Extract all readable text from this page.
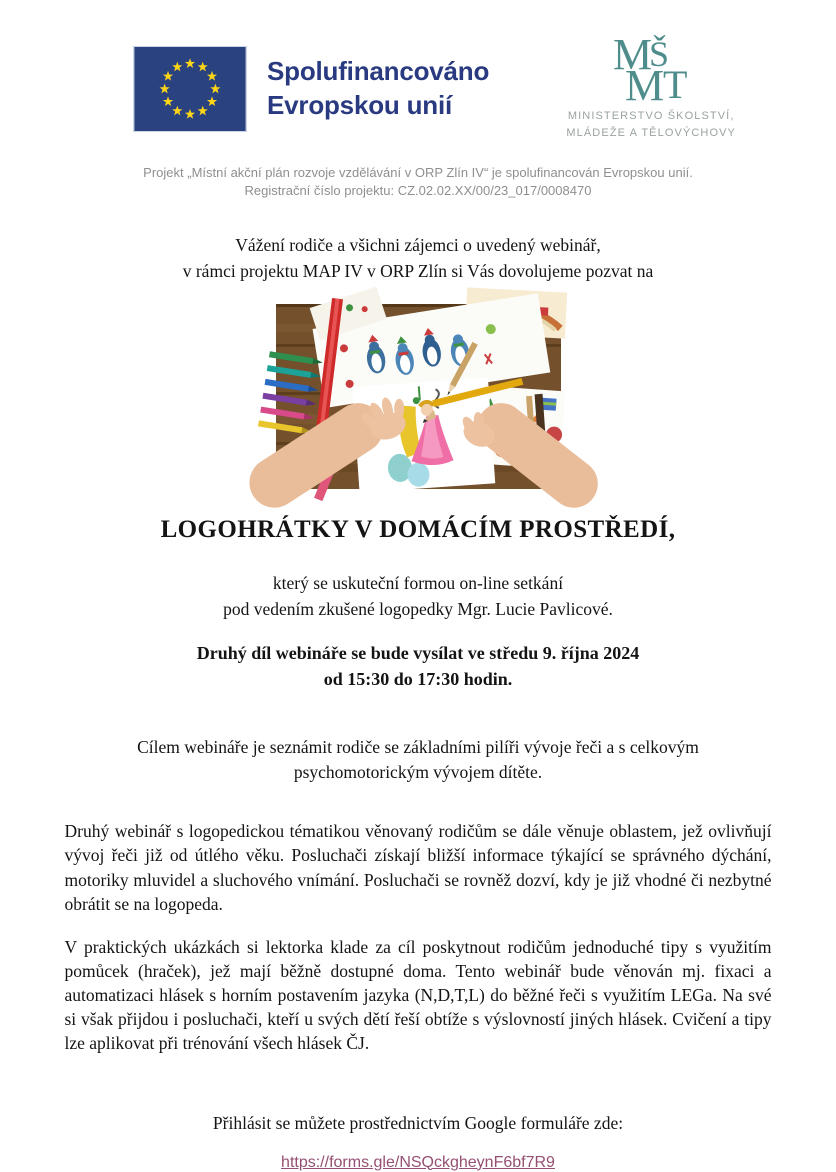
Spolufinancováno
Evropskou unií
M
Š
M
T
MINISTERSTVO ŠKOLSTVÍ,
MLÁDEŽE A TĚLOVÝCHOVY
Projekt „Místní akční plán rozvoje vzdělávání v ORP Zlín IV“ je spolufinancován Evropskou unií.
Registrační číslo projektu: CZ.02.02.XX/00/23_017/0008470
Vážení rodiče a všichni zájemci o uvedený webinář,
v rámci projektu MAP IV v ORP Zlín si Vás dovolujeme pozvat na
LOGOHRÁTKY V DOMÁCÍM PROSTŘEDÍ,
který se uskuteční formou on-line setkání
pod vedením zkušené logopedky Mgr. Lucie Pavlicové.
Druhý díl webináře se bude vysílat ve středu 9. října 2024
od 15:30 do 17:30 hodin.
Cílem webináře je seznámit rodiče se základními pilíři vývoje řeči a s celkovým
psychomotorickým vývojem dítěte.

Druhý webinář s logopedickou tématikou věnovaný rodičům se dále věnuje oblastem, jež ovlivňují vývoj řeči již od útlého věku. Posluchači získají bližší informace týkající se správného dýchání, motoriky mluvidel a sluchového vnímání. Posluchači se rovněž dozví, kdy je již vhodné či nezbytné obrátit se na logopeda.

V praktických ukázkách si lektorka klade za cíl poskytnout rodičům jednoduché tipy s využitím pomůcek (hraček), jež mají běžně dostupné doma. Tento webinář bude věnován mj. fixaci a automatizaci hlásek s horním postavením jazyka (N,D,T,L) do běžné řeči s využitím LEGa. Na své si však přijdou i posluchači, kteří u svých dětí řeší obtíže s výslovností jiných hlásek. Cvičení a tipy lze aplikovat při trénování všech hlásek ČJ.

Přihlásit se můžete prostřednictvím Google formuláře zde:
https://forms.gle/NSQckgheynF6bf7R9
